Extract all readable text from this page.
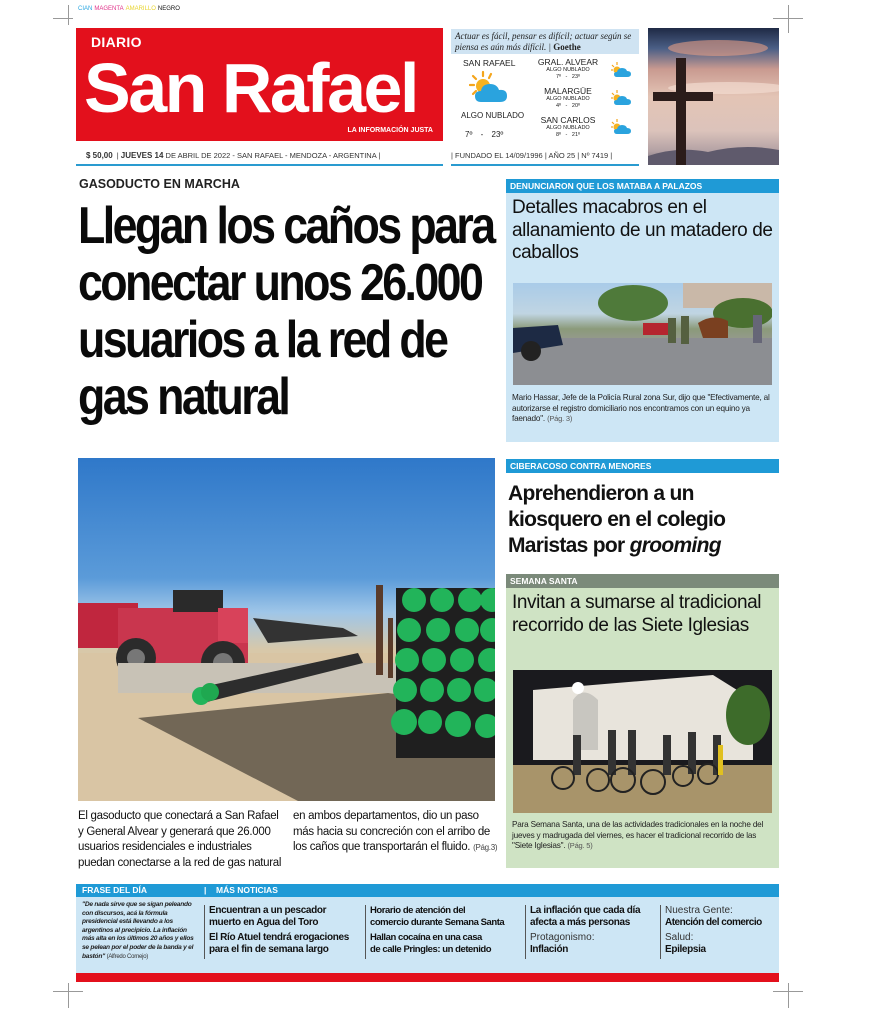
CIAN MAGENTA AMARILLO NEGRO
DIARIO
San Rafael
LA INFORMACIÓN JUSTA
Actuar es fácil, pensar es difícil; actuar según se piensa es aún más difícil. | Goethe
SAN RAFAEL
ALGO NUBLADO
7º - 23º
GRAL. ALVEAR
ALGO NUBLADO
7º - 23º
MALARGÜE
ALGO NUBLADO
4º - 20º
SAN CARLOS
ALGO NUBLADO
8º - 21º
$ 50,00 | JUEVES 14 DE ABRIL DE 2022 - SAN RAFAEL - MENDOZA - ARGENTINA |	| FUNDADO EL 14/09/1996 | AÑO 25 | Nº 7419 |
GASODUCTO EN MARCHA
Llegan los caños para conectar unos 26.000 usuarios a la red de gas natural
El gasoducto que conectará a San Rafael y General Alvear y generará que 26.000 usuarios residenciales e industriales puedan conectarse a la red de gas natural en ambos departamentos, dio un paso más hacia su concreción con el arribo de los caños que transportarán el fluido. (Pág.3)
DENUNCIARON QUE LOS MATABA A PALAZOS
Detalles macabros en el allanamiento de un matadero de caballos
Mario Hassar, Jefe de la Policía Rural zona Sur, dijo que "Efectivamente, al autorizarse el registro domiciliario nos encontramos con un equino ya faenado". (Pág. 3)
CIBERACOSO CONTRA MENORES
Aprehendieron a un kiosquero en el colegio Maristas por grooming
SEMANA SANTA
Invitan a sumarse al tradicional recorrido de las Siete Iglesias
Para Semana Santa, una de las actividades tradicionales en la noche del jueves y madrugada del viernes, es hacer el tradicional recorrido de las "Siete Iglesias". (Pág. 5)
FRASE DEL DÍA	| MÁS NOTICIAS
"De nada sirve que se sigan peleando con discursos, acá la fórmula presidencial está llevando a los argentinos al precipicio. La inflación más alta en los últimos 20 años y ellos se pelean por el poder de la banda y el bastón" (Alfredo Cornejo)
Encuentran a un pescador
muerto en Agua del Toro
El Río Atuel tendrá erogaciones
para el fin de semana largo
Horario de atención del
comercio durante Semana Santa
Hallan cocaína en una casa
de calle Pringles: un detenido
La inflación que cada día
afecta a más personas
Protagonismo:
Inflación
Nuestra Gente:
Atención del comercio
Salud:
Epilepsia
